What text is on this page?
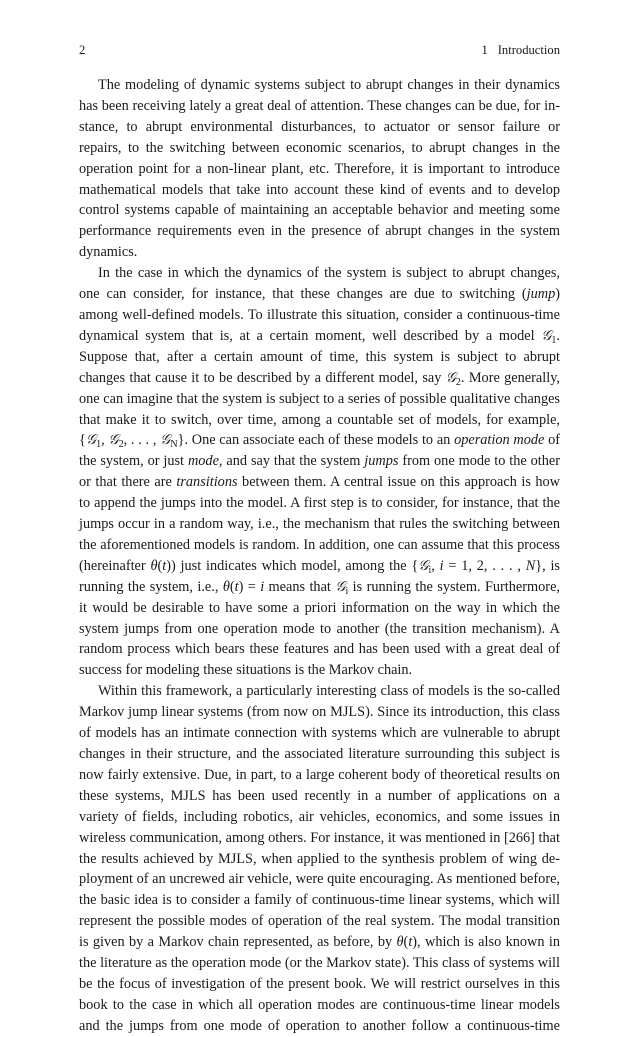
2	1 Introduction

The modeling of dynamic systems subject to abrupt changes in their dynamics has been receiving lately a great deal of attention. These changes can be due, for instance, to abrupt environmental disturbances, to actuator or sensor failure or repairs, to the switching between economic scenarios, to abrupt changes in the operation point for a non-linear plant, etc. Therefore, it is important to introduce mathematical models that take into account these kind of events and to develop control systems capable of maintaining an acceptable behavior and meeting some performance requirements even in the presence of abrupt changes in the system dynamics.

In the case in which the dynamics of the system is subject to abrupt changes, one can consider, for instance, that these changes are due to switching (jump) among well-defined models. To illustrate this situation, consider a continuous-time dynamical system that is, at a certain moment, well described by a model 𝒢$_1$. Suppose that, after a certain amount of time, this system is subject to abrupt changes that cause it to be described by a different model, say 𝒢$_2$. More generally, one can imagine that the system is subject to a series of possible qualitative changes that make it to switch, over time, among a countable set of models, for example, {𝒢$_1$, 𝒢$_2$, . . . , 𝒢$_N$}. One can associate each of these models to an operation mode of the system, or just mode, and say that the system jumps from one mode to the other or that there are transitions between them. A central issue on this approach is how to append the jumps into the model. A first step is to consider, for instance, that the jumps occur in a random way, i.e., the mechanism that rules the switching between the aforementioned models is random. In addition, one can assume that this process (hereinafter θ(t)) just indicates which model, among the {𝒢$_i$, i = 1, 2, . . . , N}, is running the system, i.e., θ(t) = i means that 𝒢$_i$ is running the system. Furthermore, it would be desirable to have some a priori information on the way in which the system jumps from one operation mode to another (the transition mechanism). A random process which bears these features and has been used with a great deal of success for modeling these situations is the Markov chain.

Within this framework, a particularly interesting class of models is the so-called Markov jump linear systems (from now on MJLS). Since its introduction, this class of models has an intimate connection with systems which are vulnerable to abrupt changes in their structure, and the associated literature surrounding this subject is now fairly extensive. Due, in part, to a large coherent body of theoretical results on these systems, MJLS has been used recently in a number of applications on a variety of fields, including robotics, air vehicles, economics, and some issues in wireless communication, among others. For instance, it was mentioned in [266] that the results achieved by MJLS, when applied to the synthesis problem of wing deployment of an uncrewed air vehicle, were quite encouraging. As mentioned before, the basic idea is to consider a family of continuous-time linear systems, which will represent the possible modes of operation of the real system. The modal transition is given by a Markov chain represented, as before, by θ(t), which is also known in the literature as the operation mode (or the Markov state). This class of systems will be the focus of investigation of the present book. We will restrict ourselves in this book to the case in which all operation modes are continuous-time linear models and the jumps from one mode of operation to another follow a continuous-time
